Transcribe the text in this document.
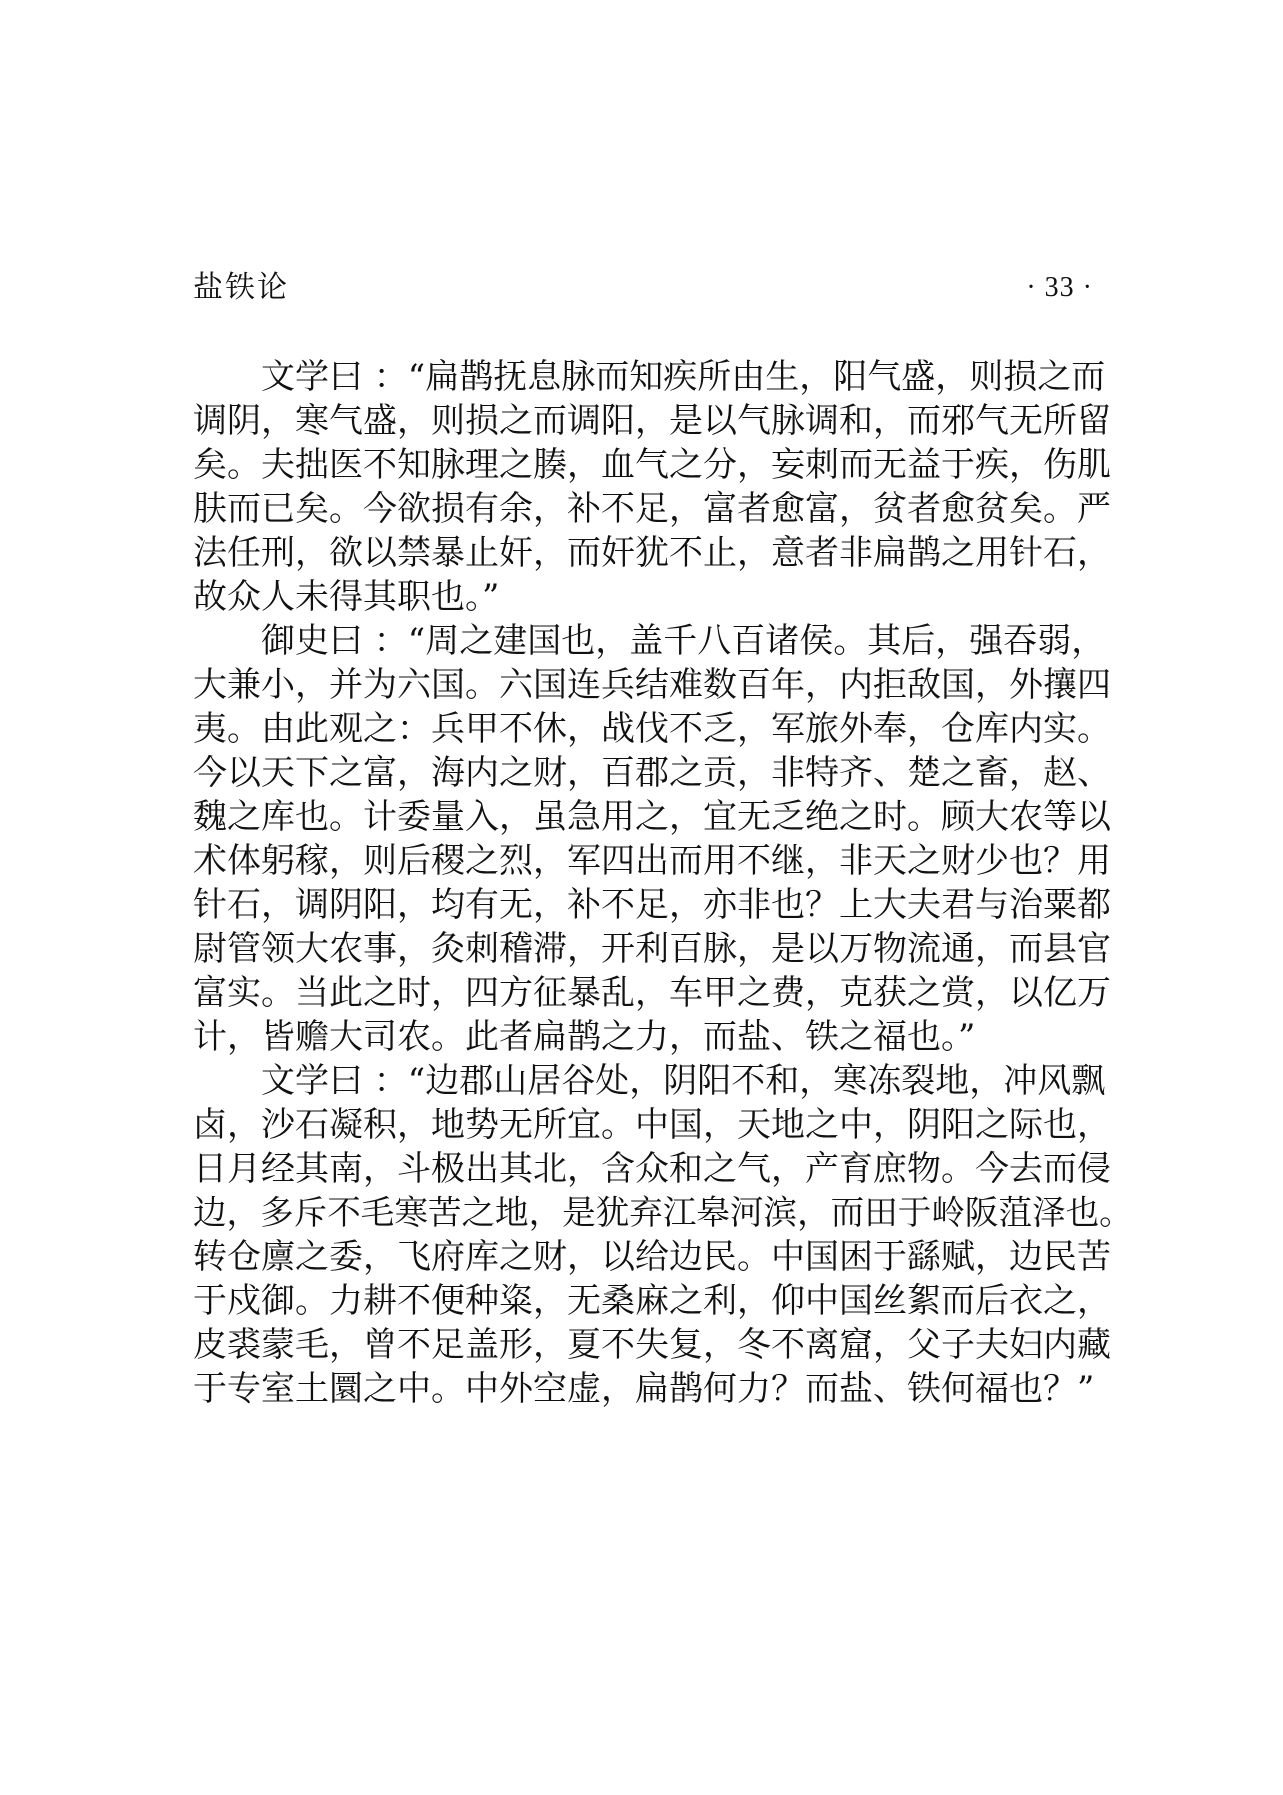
盐铁论	· 33 ·
文学曰 ：“扁鹊抚息脉而知疾所由生，阳气盛，则损之而
调阴，寒气盛，则损之而调阳，是以气脉调和，而邪气无所留
矣。夫拙医不知脉理之腠，血气之分，妄刺而无益于疾，伤肌
肤而已矣。今欲损有余，补不足，富者愈富，贫者愈贫矣。严
法任刑，欲以禁暴止奸，而奸犹不止，意者非扁鹊之用针石，
故众人未得其职也。”
御史曰 ：“周之建国也，盖千八百诸侯。其后，强吞弱，
大兼小，并为六国。六国连兵结难数百年，内拒敌国，外攘四
夷。由此观之：兵甲不休，战伐不乏，军旅外奉，仓库内实。
今以天下之富，海内之财，百郡之贡，非特齐、楚之畜，赵、
魏之库也。计委量入，虽急用之，宜无乏绝之时。顾大农等以
术体躬稼，则后稷之烈，军四出而用不继，非天之财少也？用
针石，调阴阳，均有无，补不足，亦非也？上大夫君与治粟都
尉管领大农事，灸刺稽滞，开利百脉，是以万物流通，而县官
富实。当此之时，四方征暴乱，车甲之费，克获之赏，以亿万
计，皆赡大司农。此者扁鹊之力，而盐、铁之福也。”
文学曰 ：“边郡山居谷处，阴阳不和，寒冻裂地，冲风飘
卤，沙石凝积，地势无所宜。中国，天地之中，阴阳之际也，
日月经其南，斗极出其北，含众和之气，产育庶物。今去而侵
边，多斥不毛寒苦之地，是犹弃江皋河滨，而田于岭阪菹泽也。
转仓廪之委，飞府库之财，以给边民。中国困于繇赋，边民苦
于戍御。力耕不便种粢，无桑麻之利，仰中国丝絮而后衣之，
皮裘蒙毛，曾不足盖形，夏不失复，冬不离窟，父子夫妇内藏
于专室土圜之中。中外空虚，扁鹊何力？而盐、铁何福也？”
